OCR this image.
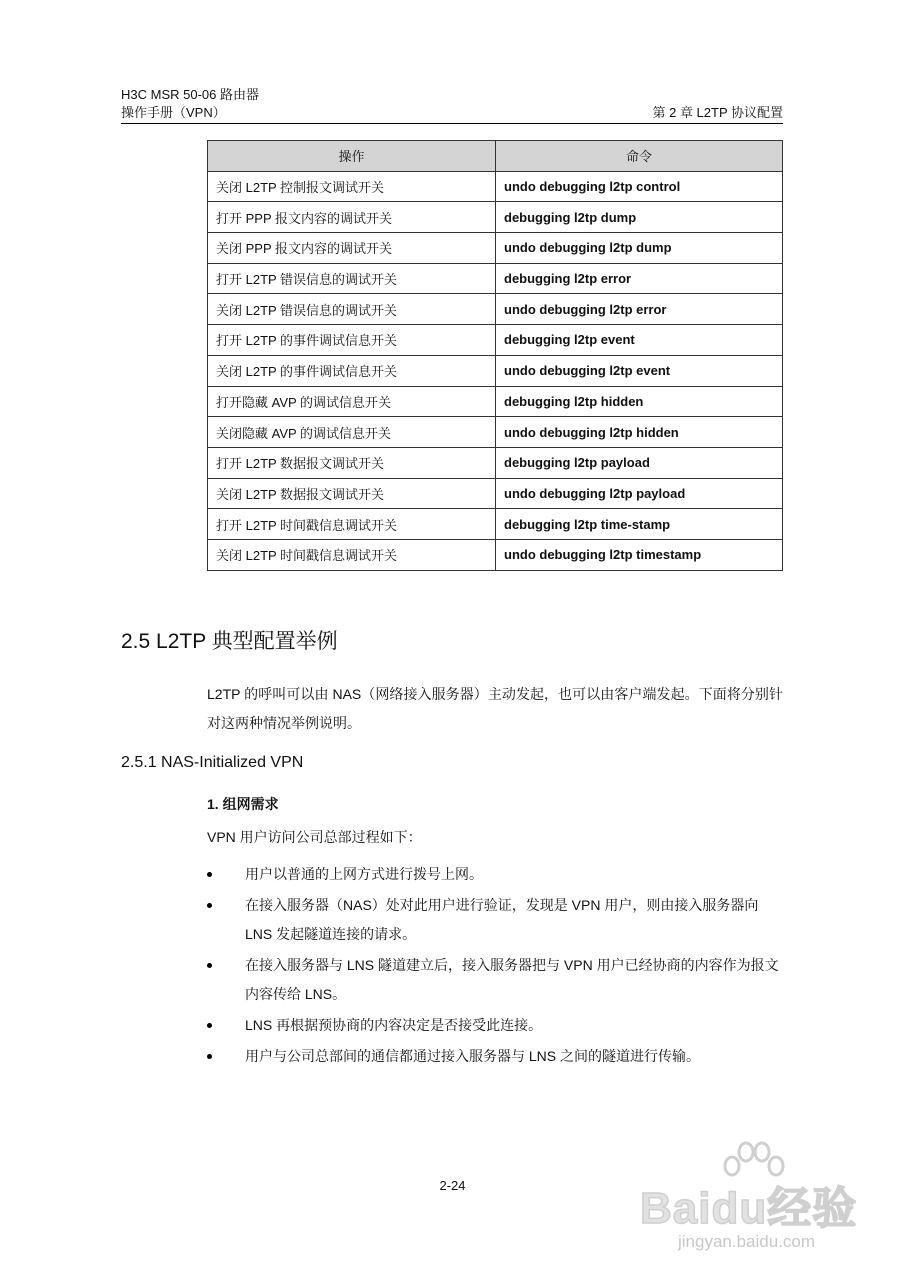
H3C MSR 50-06 路由器
操作手册（VPN）	第 2 章 L2TP 协议配置
操作	命令
关闭 L2TP 控制报文调试开关	undo debugging l2tp control
打开 PPP 报文内容的调试开关	debugging l2tp dump
关闭 PPP 报文内容的调试开关	undo debugging l2tp dump
打开 L2TP 错误信息的调试开关	debugging l2tp error
关闭 L2TP 错误信息的调试开关	undo debugging l2tp error
打开 L2TP 的事件调试信息开关	debugging l2tp event
关闭 L2TP 的事件调试信息开关	undo debugging l2tp event
打开隐藏 AVP 的调试信息开关	debugging l2tp hidden
关闭隐藏 AVP 的调试信息开关	undo debugging l2tp hidden
打开 L2TP 数据报文调试开关	debugging l2tp payload
关闭 L2TP 数据报文调试开关	undo debugging l2tp payload
打开 L2TP 时间戳信息调试开关	debugging l2tp time-stamp
关闭 L2TP 时间戳信息调试开关	undo debugging l2tp timestamp
2.5 L2TP 典型配置举例
L2TP 的呼叫可以由 NAS（网络接入服务器）主动发起，也可以由客户端发起。下面将分别针对这两种情况举例说明。
2.5.1 NAS-Initialized VPN
1. 组网需求
VPN 用户访问公司总部过程如下：
用户以普通的上网方式进行拨号上网。
在接入服务器（NAS）处对此用户进行验证，发现是 VPN 用户，则由接入服务器向 LNS 发起隧道连接的请求。
在接入服务器与 LNS 隧道建立后，接入服务器把与 VPN 用户已经协商的内容作为报文内容传给 LNS。
LNS 再根据预协商的内容决定是否接受此连接。
用户与公司总部间的通信都通过接入服务器与 LNS 之间的隧道进行传输。
2-24	Baidu经验
jingyan.baidu.com
